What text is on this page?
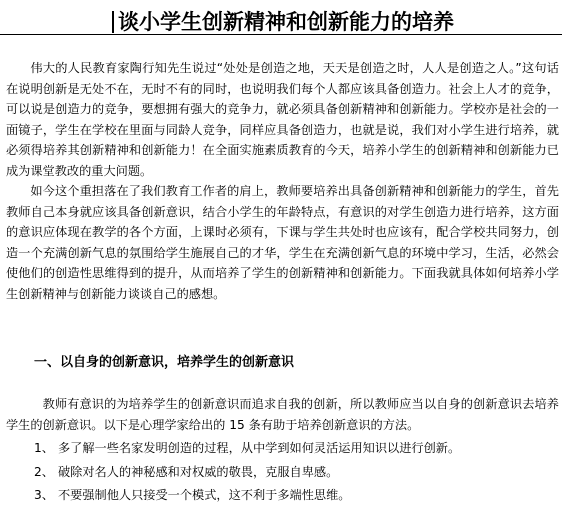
谈小学生创新精神和创新能力的培养

伟大的人民教育家陶行知先生说过“处处是创造之地，天天是创造之时，人人是创造之人。”这句话在说明创新是无处不在，无时不有的同时，也说明我们每个人都应该具备创造力。社会上人才的竞争，可以说是创造力的竞争，要想拥有强大的竞争力，就必须具备创新精神和创新能力。学校亦是社会的一面镜子，学生在学校在里面与同龄人竞争，同样应具备创造力，也就是说，我们对小学生进行培养，就必须得培养其创新精神和创新能力！在全面实施素质教育的今天，培养小学生的创新精神和创新能力已成为课堂教改的重大问题。

如今这个重担落在了我们教育工作者的肩上，教师要培养出具备创新精神和创新能力的学生，首先教师自己本身就应该具备创新意识，结合小学生的年龄特点，有意识的对学生创造力进行培养，这方面的意识应体现在教学的各个方面，上课时必须有，下课与学生共处时也应该有，配合学校共同努力，创造一个充满创新气息的氛围给学生施展自己的才华，学生在充满创新气息的环境中学习，生活，必然会使他们的创造性思维得到的提升，从而培养了学生的创新精神和创新能力。下面我就具体如何培养小学生创新精神与创新能力谈谈自己的感想。

一、以自身的创新意识，培养学生的创新意识

教师有意识的为培养学生的创新意识而追求自我的创新，所以教师应当以自身的创新意识去培养学生的创新意识。以下是心理学家给出的 15 条有助于培养创新意识的方法。

1、 多了解一些名家发明创造的过程，从中学到如何灵活运用知识以进行创新。
2、 破除对名人的神秘感和对权威的敬畏，克服自卑感。
3、 不要强制他人只接受一个模式，这不利于多端性思维。
